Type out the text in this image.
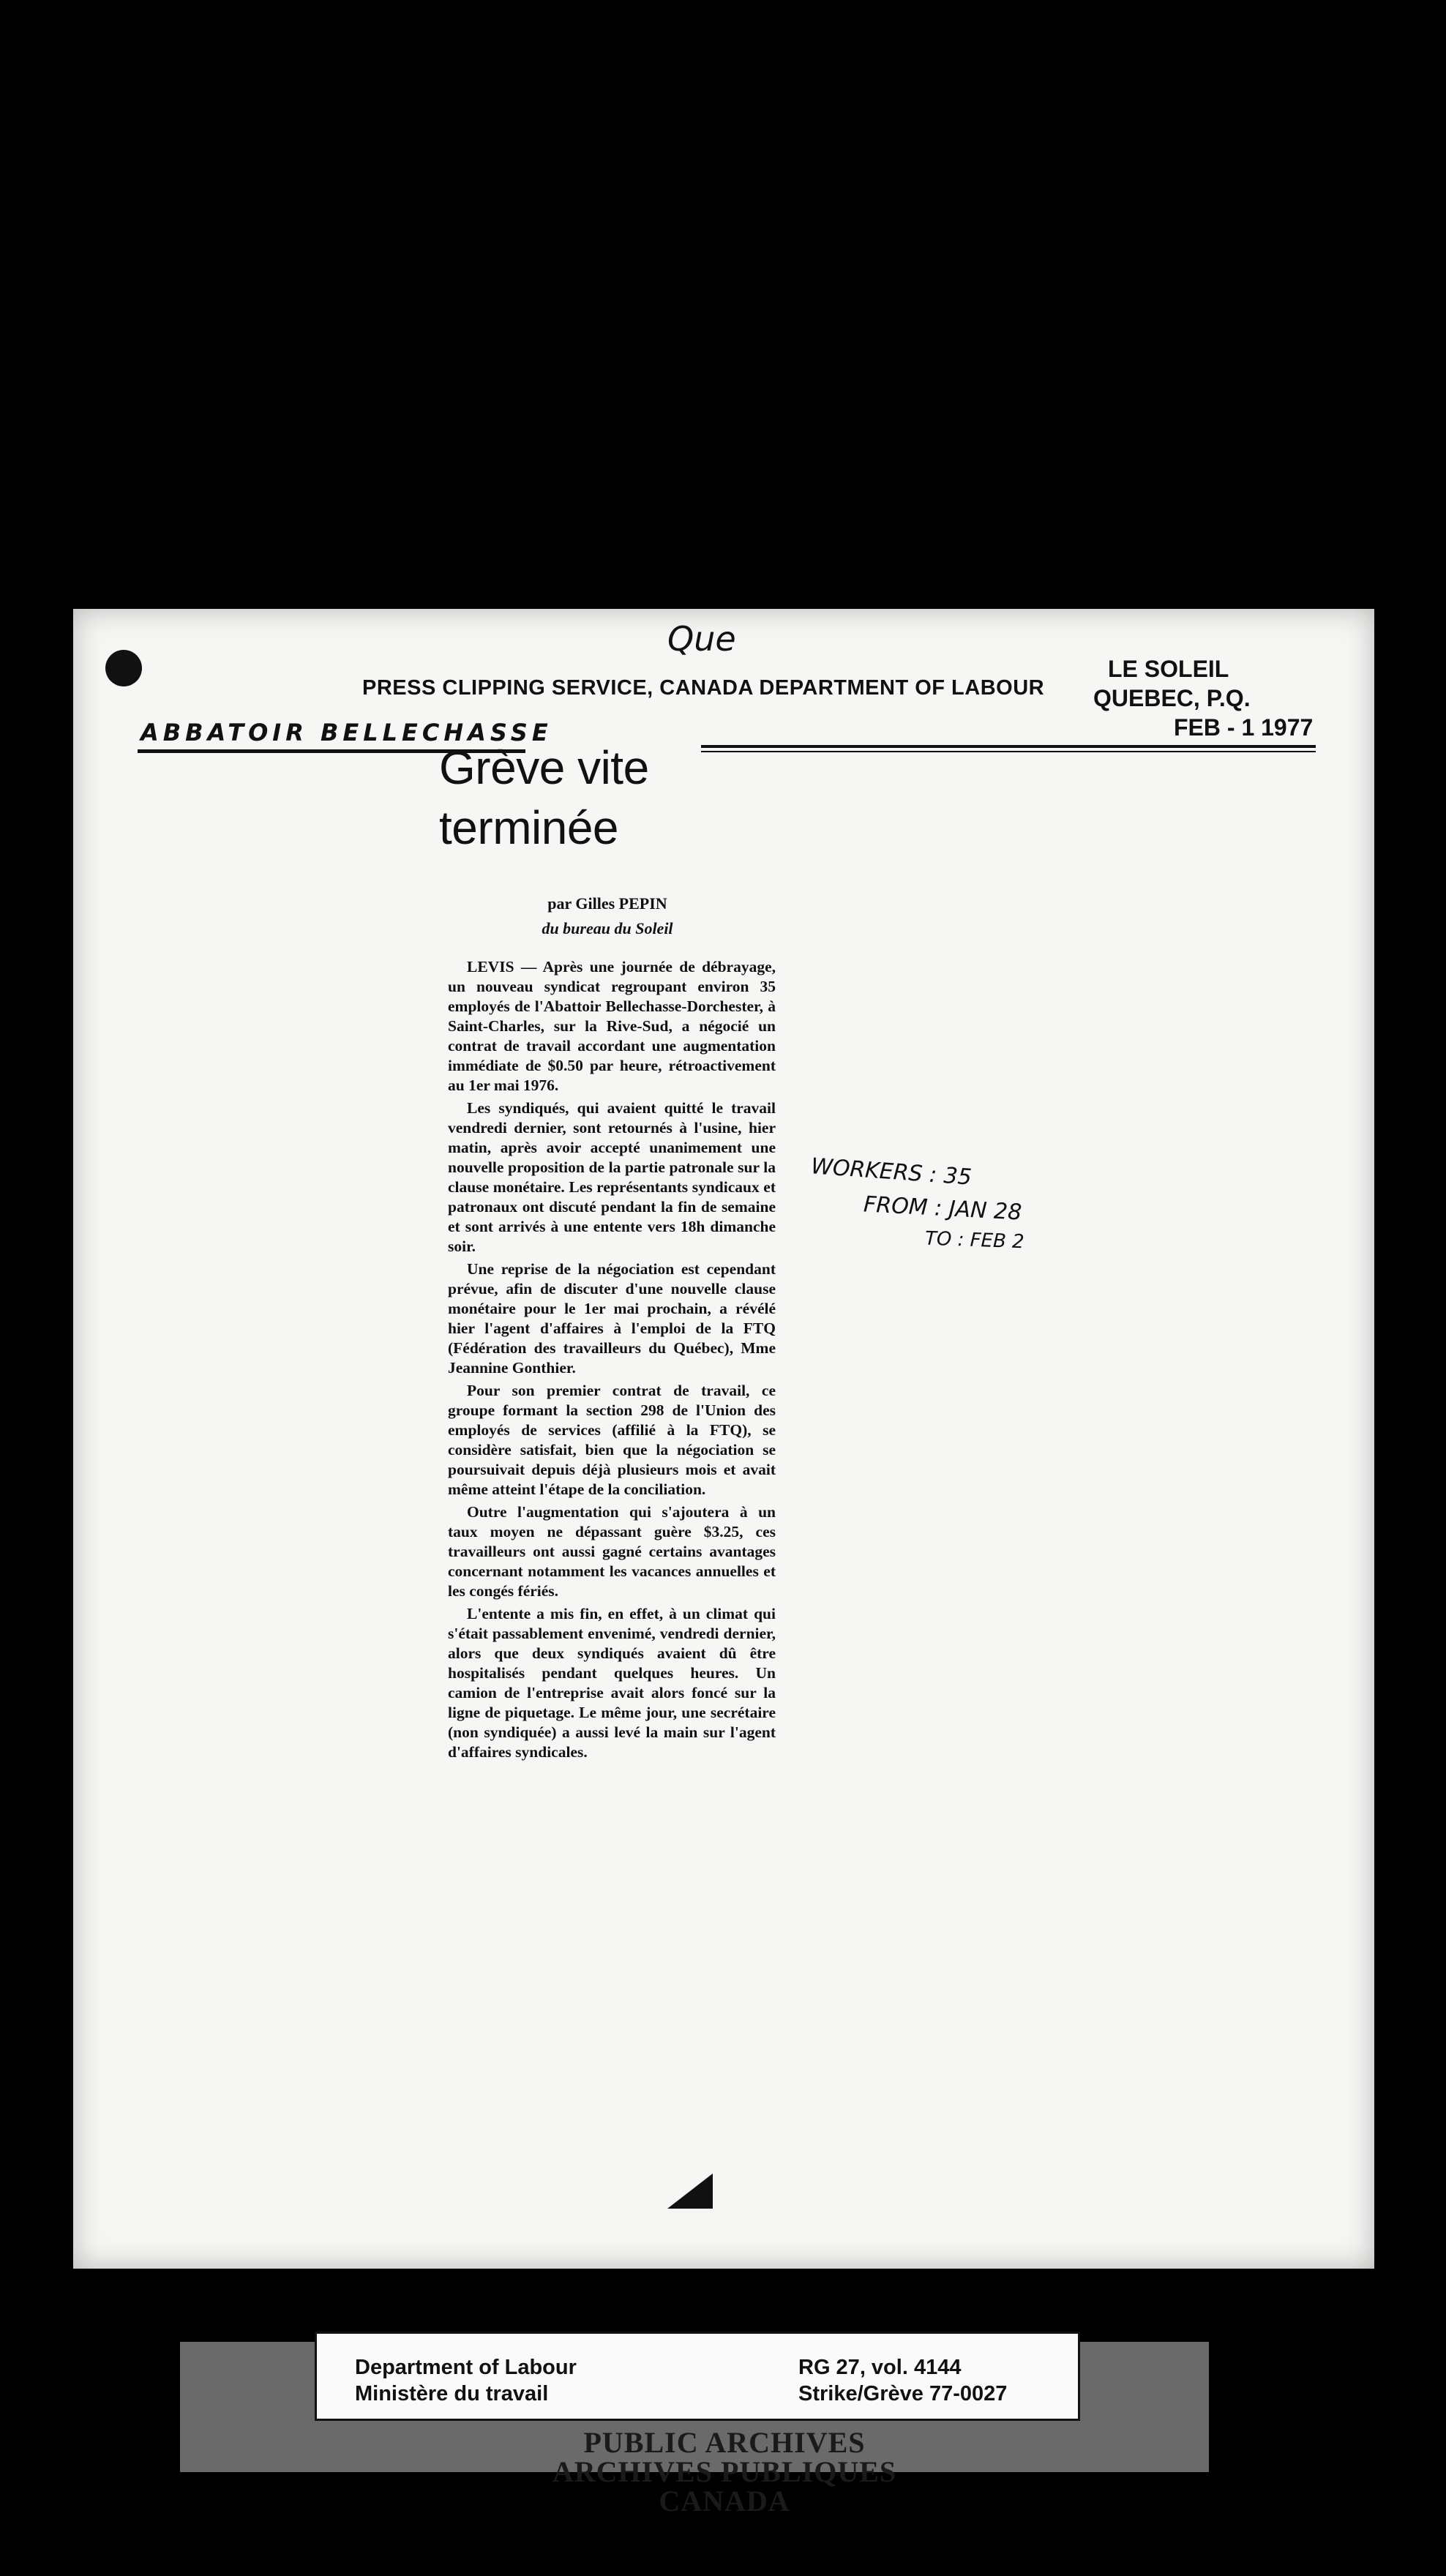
Que
PRESS CLIPPING SERVICE, CANADA DEPARTMENT OF LABOUR
LE SOLEIL
QUEBEC, P.Q.
FEB - 1 1977
ABBATOIR BELLECHASSE
Grève vite
terminée
par Gilles PEPIN
du bureau du Soleil

LEVIS — Après une journée de débrayage, un nouveau syndicat regroupant environ 35 employés de l'Abattoir Bellechasse-Dorchester, à Saint-Charles, sur la Rive-Sud, a négocié un contrat de travail accordant une augmentation immédiate de $0.50 par heure, rétroactivement au 1er mai 1976.

Les syndiqués, qui avaient quitté le travail vendredi dernier, sont retournés à l'usine, hier matin, après avoir accepté unanimement une nouvelle proposition de la partie patronale sur la clause monétaire. Les représentants syndicaux et patronaux ont discuté pendant la fin de semaine et sont arrivés à une entente vers 18h dimanche soir.

Une reprise de la négociation est cependant prévue, afin de discuter d'une nouvelle clause monétaire pour le 1er mai prochain, a révélé hier l'agent d'affaires à l'emploi de la FTQ (Fédération des travailleurs du Québec), Mme Jeannine Gonthier.

Pour son premier contrat de travail, ce groupe formant la section 298 de l'Union des employés de services (affilié à la FTQ), se considère satisfait, bien que la négociation se poursuivait depuis déjà plusieurs mois et avait même atteint l'étape de la conciliation.

Outre l'augmentation qui s'ajoutera à un taux moyen ne dépassant guère $3.25, ces travailleurs ont aussi gagné certains avantages concernant notamment les vacances annuelles et les congés fériés.

L'entente a mis fin, en effet, à un climat qui s'était passablement envenimé, vendredi dernier, alors que deux syndiqués avaient dû être hospitalisés pendant quelques heures. Un camion de l'entreprise avait alors foncé sur la ligne de piquetage. Le même jour, une secrétaire (non syndiquée) a aussi levé la main sur l'agent d'affaires syndicales.

WORKERS : 35
FROM : JAN 28
TO : FEB 2
Department of Labour
Ministère du travail
RG 27, vol. 4144
Strike/Grève 77-0027
PUBLIC ARCHIVES
ARCHIVES PUBLIQUES
CANADA
